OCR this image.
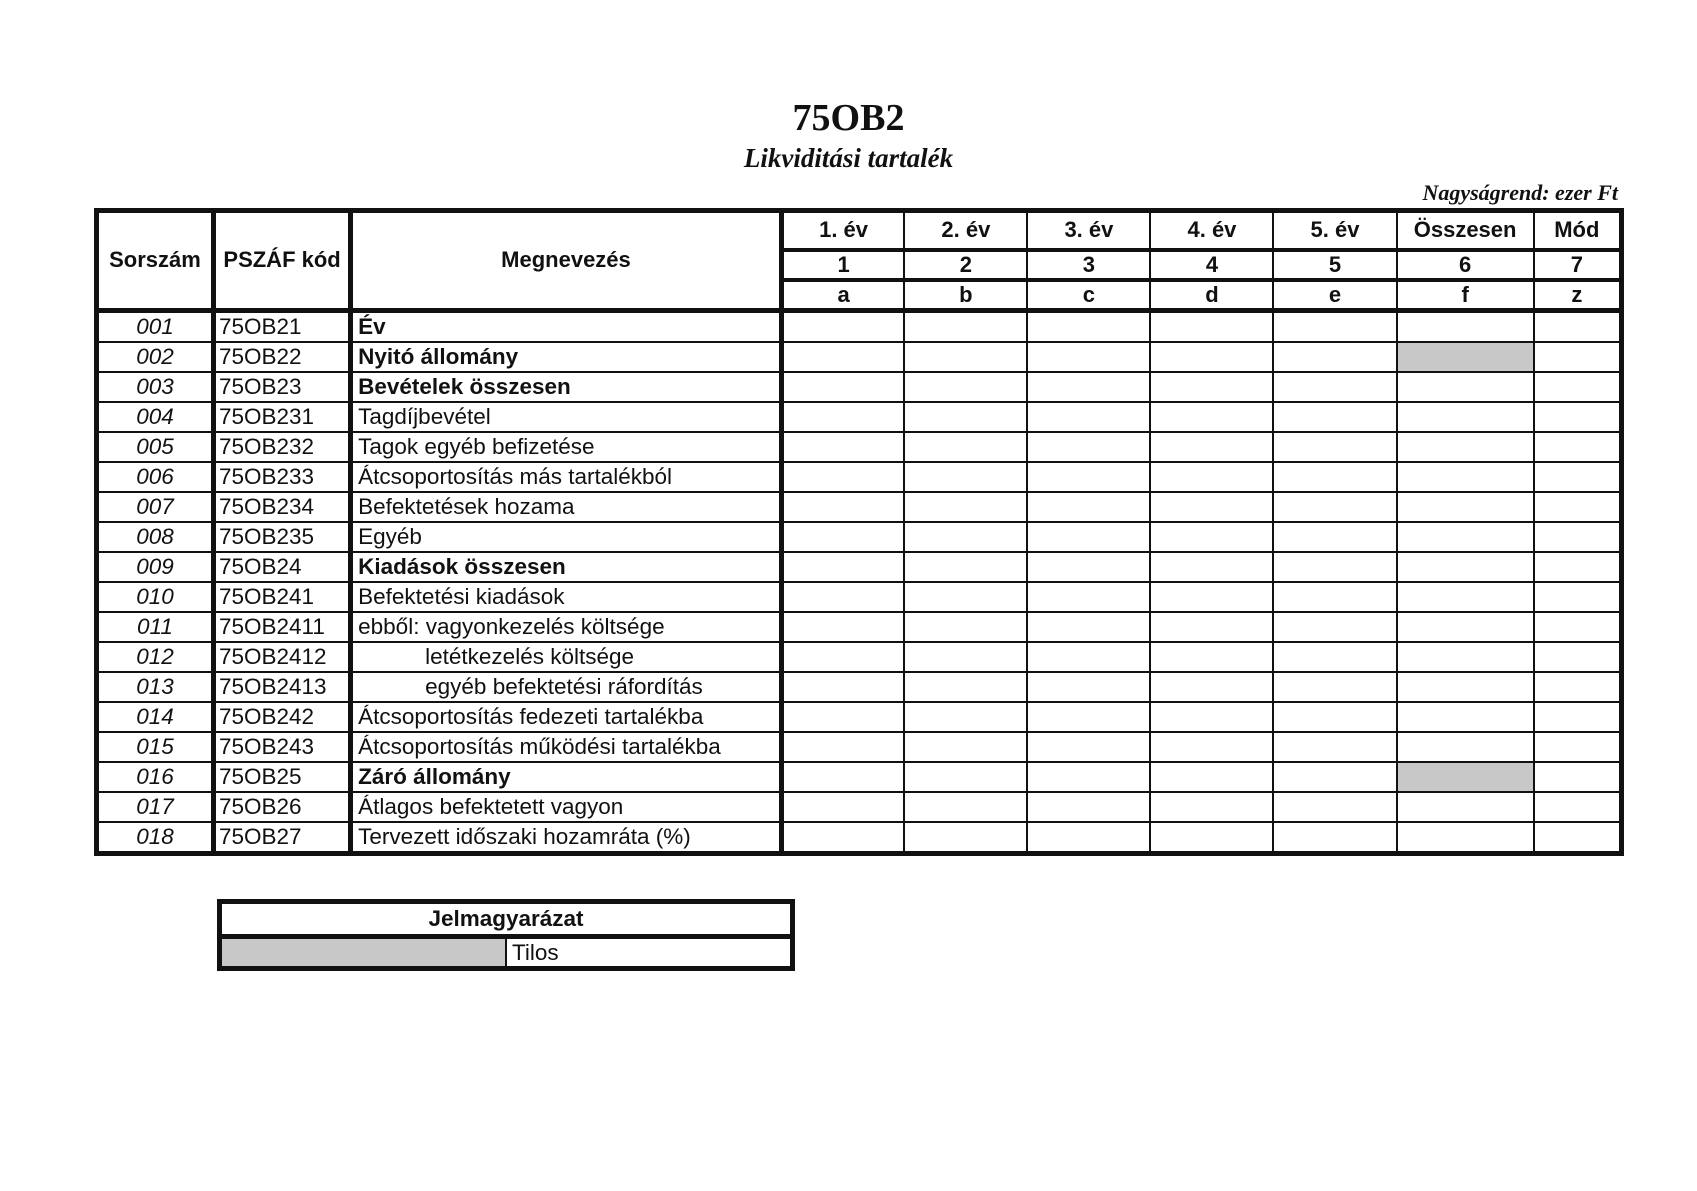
75OB2
Likviditási tartalék
Nagyságrend: ezer Ft
Sorszám	PSZÁF kód	Megnevezés	1. év	2. év	3. év	4. év	5. év	Összesen	Mód
			1	2	3	4	5	6	7
			a	b	c	d	e	f	z
001	75OB21	Év							
002	75OB22	Nyitó állomány							
003	75OB23	Bevételek összesen							
004	75OB231	Tagdíjbevétel							
005	75OB232	Tagok egyéb befizetése							
006	75OB233	Átcsoportosítás más tartalékból							
007	75OB234	Befektetések hozama							
008	75OB235	Egyéb							
009	75OB24	Kiadások összesen							
010	75OB241	Befektetési kiadások							
011	75OB2411	ebből: vagyonkezelés költsége							
012	75OB2412	letétkezelés költsége							
013	75OB2413	egyéb befektetési ráfordítás							
014	75OB242	Átcsoportosítás fedezeti tartalékba							
015	75OB243	Átcsoportosítás működési tartalékba							
016	75OB25	Záró állomány							
017	75OB26	Átlagos befektetett vagyon							
018	75OB27	Tervezett időszaki hozamráta (%)							
Jelmagyarázat
	Tilos
